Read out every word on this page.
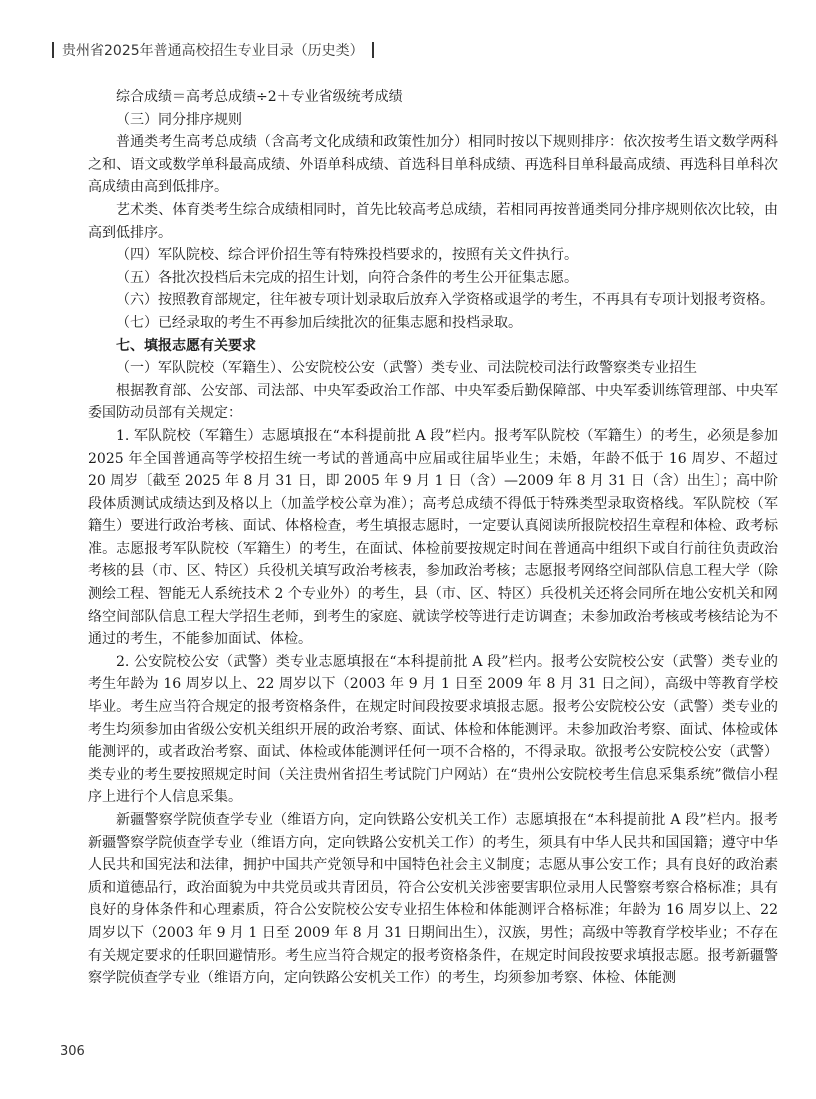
贵州省2025年普通高校招生专业目录（历史类）

综合成绩＝高考总成绩÷2＋专业省级统考成绩

（三）同分排序规则

普通类考生高考总成绩（含高考文化成绩和政策性加分）相同时按以下规则排序：依次按考生语文数学两科之和、语文或数学单科最高成绩、外语单科成绩、首选科目单科成绩、再选科目单科最高成绩、再选科目单科次高成绩由高到低排序。

艺术类、体育类考生综合成绩相同时，首先比较高考总成绩，若相同再按普通类同分排序规则依次比较，由高到低排序。

（四）军队院校、综合评价招生等有特殊投档要求的，按照有关文件执行。

（五）各批次投档后未完成的招生计划，向符合条件的考生公开征集志愿。

（六）按照教育部规定，往年被专项计划录取后放弃入学资格或退学的考生，不再具有专项计划报考资格。

（七）已经录取的考生不再参加后续批次的征集志愿和投档录取。

七、填报志愿有关要求

（一）军队院校（军籍生）、公安院校公安（武警）类专业、司法院校司法行政警察类专业招生

根据教育部、公安部、司法部、中央军委政治工作部、中央军委后勤保障部、中央军委训练管理部、中央军委国防动员部有关规定：

1. 军队院校（军籍生）志愿填报在“本科提前批 A 段”栏内。报考军队院校（军籍生）的考生，必须是参加 2025 年全国普通高等学校招生统一考试的普通高中应届或往届毕业生；未婚，年龄不低于 16 周岁、不超过 20 周岁〔截至 2025 年 8 月 31 日，即 2005 年 9 月 1 日（含）—2009 年 8 月 31 日（含）出生〕；高中阶段体质测试成绩达到及格以上（加盖学校公章为准）；高考总成绩不得低于特殊类型录取资格线。军队院校（军籍生）要进行政治考核、面试、体格检查，考生填报志愿时，一定要认真阅读所报院校招生章程和体检、政考标准。志愿报考军队院校（军籍生）的考生，在面试、体检前要按规定时间在普通高中组织下或自行前往负责政治考核的县（市、区、特区）兵役机关填写政治考核表，参加政治考核；志愿报考网络空间部队信息工程大学（除测绘工程、智能无人系统技术 2 个专业外）的考生，县（市、区、特区）兵役机关还将会同所在地公安机关和网络空间部队信息工程大学招生老师，到考生的家庭、就读学校等进行走访调查；未参加政治考核或考核结论为不通过的考生，不能参加面试、体检。

2. 公安院校公安（武警）类专业志愿填报在“本科提前批 A 段”栏内。报考公安院校公安（武警）类专业的考生年龄为 16 周岁以上、22 周岁以下（2003 年 9 月 1 日至 2009 年 8 月 31 日之间），高级中等教育学校毕业。考生应当符合规定的报考资格条件，在规定时间段按要求填报志愿。报考公安院校公安（武警）类专业的考生均须参加由省级公安机关组织开展的政治考察、面试、体检和体能测评。未参加政治考察、面试、体检或体能测评的，或者政治考察、面试、体检或体能测评任何一项不合格的，不得录取。欲报考公安院校公安（武警）类专业的考生要按照规定时间（关注贵州省招生考试院门户网站）在“贵州公安院校考生信息采集系统”微信小程序上进行个人信息采集。

新疆警察学院侦查学专业（维语方向，定向铁路公安机关工作）志愿填报在“本科提前批 A 段”栏内。报考新疆警察学院侦查学专业（维语方向，定向铁路公安机关工作）的考生，须具有中华人民共和国国籍；遵守中华人民共和国宪法和法律，拥护中国共产党领导和中国特色社会主义制度；志愿从事公安工作；具有良好的政治素质和道德品行，政治面貌为中共党员或共青团员，符合公安机关涉密要害职位录用人民警察考察合格标准；具有良好的身体条件和心理素质，符合公安院校公安专业招生体检和体能测评合格标准；年龄为 16 周岁以上、22 周岁以下（2003 年 9 月 1 日至 2009 年 8 月 31 日期间出生），汉族，男性；高级中等教育学校毕业；不存在有关规定要求的任职回避情形。考生应当符合规定的报考资格条件，在规定时间段按要求填报志愿。报考新疆警察学院侦查学专业（维语方向，定向铁路公安机关工作）的考生，均须参加考察、体检、体能测

306
